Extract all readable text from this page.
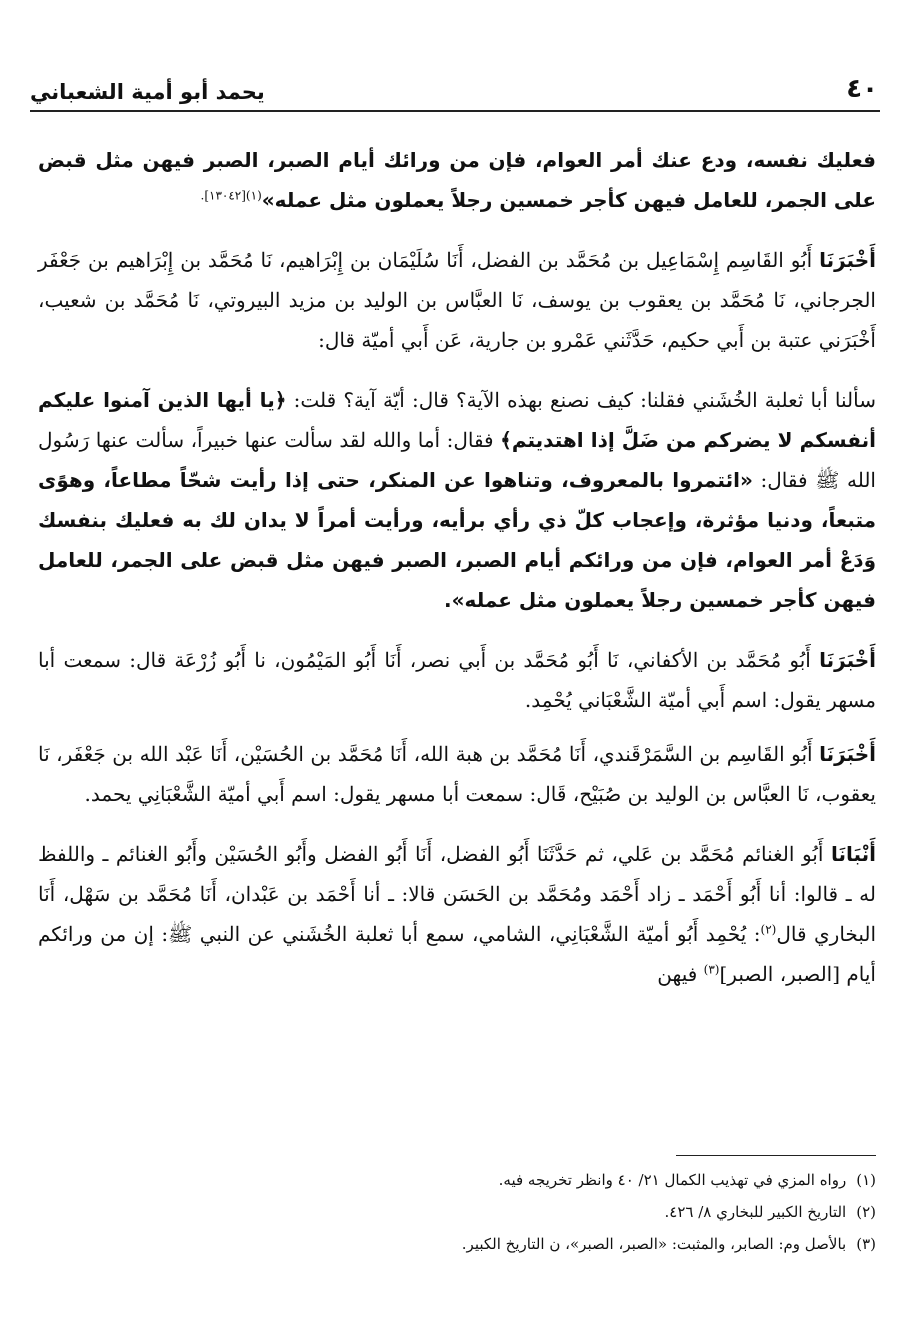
٤٠
يحمد أبو أمية الشعباني

فعليك نفسه، ودع عنك أمر العوام، فإن من ورائك أيام الصبر، الصبر فيهن مثل قبض على الجمر، للعامل فيهن كأجر خمسين رجلاً يعملون مثل عمله»$^{(١)[١٣٠٤٢].}$

أَخْبَرَنَا أَبُو القَاسِم إِسْمَاعِيل بن مُحَمَّد بن الفضل، أَنَا سُلَيْمَان بن إِبْرَاهيم، نَا مُحَمَّد بن إِبْرَاهيم بن جَعْفَر الجرجاني، نَا مُحَمَّد بن يعقوب بن يوسف، نَا العبَّاس بن الوليد بن مزيد البيروتي، نَا مُحَمَّد بن شعيب، أَخْبَرَني عتبة بن أَبي حكيم، حَدَّثَني عَمْرو بن جارية، عَن أَبي أميّة قال:

سألنا أبا ثعلبة الخُشَني فقلنا: كيف نصنع بهذه الآية؟ قال: أيّة آية؟ قلت: ﴿يا أيها الذين آمنوا عليكم أنفسكم لا يضركم من ضَلَّ إذا اهتديتم﴾ فقال: أما والله لقد سألت عنها خبيراً، سألت عنها رَسُول الله ﷺ فقال: «ائتمروا بالمعروف، وتناهوا عن المنكر، حتى إذا رأيت شحّاً مطاعاً، وهوًى متبعاً، ودنيا مؤثرة، وإعجاب كلّ ذي رأي برأيه، ورأيت أمراً لا يدان لك به فعليك بنفسك وَدَعْ أمر العوام، فإن من ورائكم أيام الصبر، الصبر فيهن مثل قبض على الجمر، للعامل فيهن كأجر خمسين رجلاً يعملون مثل عمله».

أَخْبَرَنَا أَبُو مُحَمَّد بن الأكفاني، نَا أَبُو مُحَمَّد بن أَبي نصر، أَنَا أَبُو المَيْمُون، نا أَبُو زُرْعَة قال: سمعت أبا مسهر يقول: اسم أَبي أميّة الشَّعْبَاني يُحْمِد.

أَخْبَرَنَا أَبُو القَاسِم بن السَّمَرْقَندي، أَنَا مُحَمَّد بن هبة الله، أَنَا مُحَمَّد بن الحُسَيْن، أَنَا عَبْد الله بن جَعْفَر، نَا يعقوب، نَا العبَّاس بن الوليد بن صُبَيْح، قَال: سمعت أبا مسهر يقول: اسم أَبي أميّة الشَّعْبَانِي يحمد.

أَنْبَانَا أَبُو الغنائم مُحَمَّد بن عَلي، ثم حَدَّثَنَا أَبُو الفضل، أَنَا أَبُو الفضل وأَبُو الحُسَيْن وأَبُو الغنائم ـ واللفظ له ـ قالوا: أنا أَبُو أَحْمَد ـ زاد أَحْمَد ومُحَمَّد بن الحَسَن قالا: ـ أنا أَحْمَد بن عَبْدان، أَنَا مُحَمَّد بن سَهْل، أَنَا البخاري قال$^{(٢)}$: يُحْمِد أَبُو أميّة الشَّعْبَانِي، الشامي، سمع أبا ثعلبة الخُشَني عن النبي ﷺ: إن من ورائكم أيام [الصبر، الصبر]$^{(٣)}$ فيهن

(١)رواه المزي في تهذيب الكمال ٢١/ ٤٠ وانظر تخريجه فيه.

(٢)التاريخ الكبير للبخاري ٨/ ٤٢٦.

(٣)بالأصل وم: الصابر، والمثبت: «الصبر، الصبر»، ن التاريخ الكبير.
